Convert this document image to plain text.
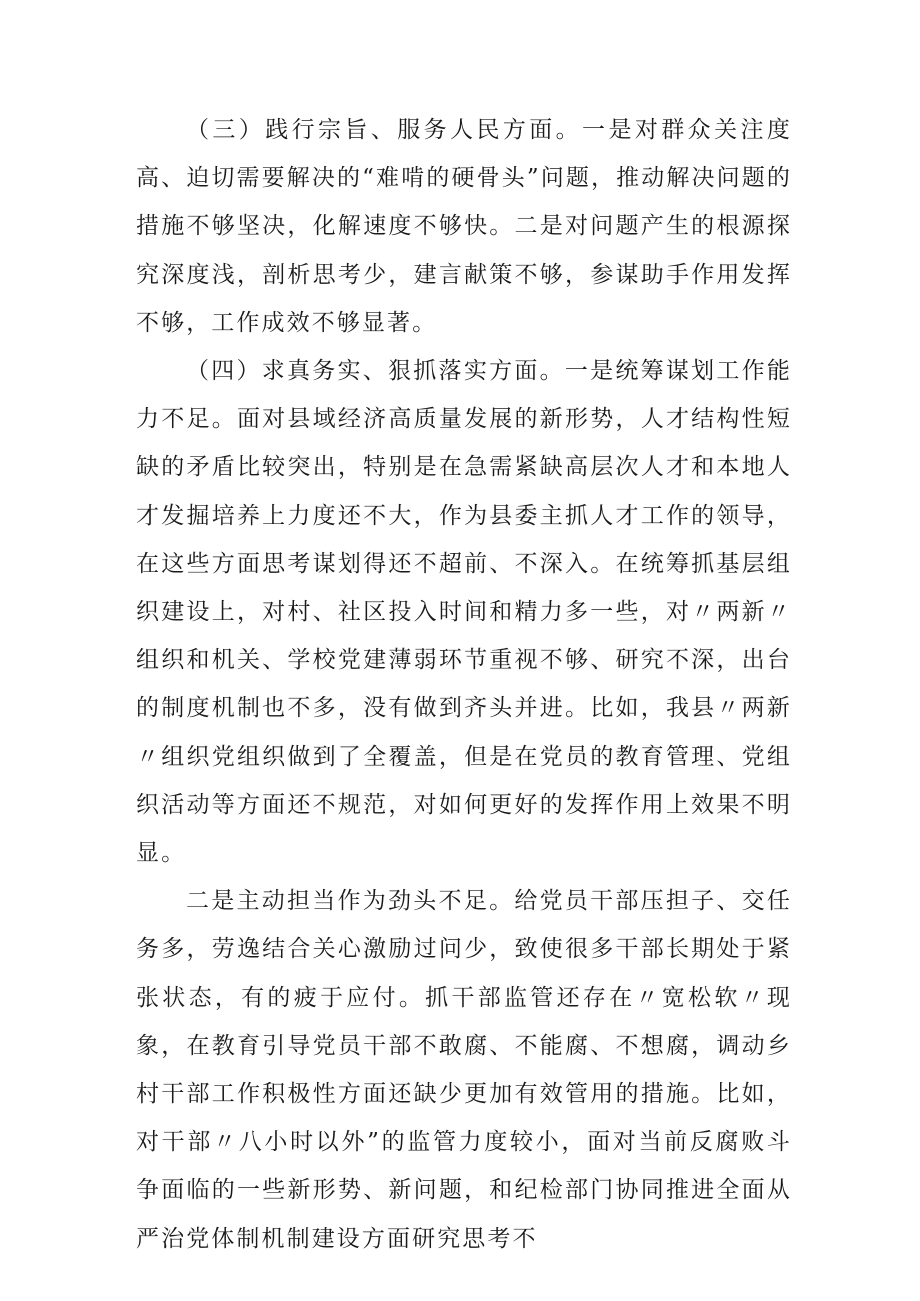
（三）践行宗旨、服务人民方面。一是对群众关注度高、迫切需要解决的“难啃的硬骨头”问题，推动解决问题的措施不够坚决，化解速度不够快。二是对问题产生的根源探究深度浅，剖析思考少，建言献策不够，参谋助手作用发挥不够，工作成效不够显著。

（四）求真务实、狠抓落实方面。一是统筹谋划工作能力不足。面对县域经济高质量发展的新形势，人才结构性短缺的矛盾比较突出，特别是在急需紧缺高层次人才和本地人才发掘培养上力度还不大，作为县委主抓人才工作的领导，在这些方面思考谋划得还不超前、不深入。在统筹抓基层组织建设上，对村、社区投入时间和精力多一些，对〃两新〃组织和机关、学校党建薄弱环节重视不够、研究不深，出台的制度机制也不多，没有做到齐头并进。比如，我县〃两新〃组织党组织做到了全覆盖，但是在党员的教育管理、党组织活动等方面还不规范，对如何更好的发挥作用上效果不明显。

二是主动担当作为劲头不足。给党员干部压担子、交任务多，劳逸结合关心激励过问少，致使很多干部长期处于紧张状态，有的疲于应付。抓干部监管还存在〃宽松软〃现象，在教育引导党员干部不敢腐、不能腐、不想腐，调动乡村干部工作积极性方面还缺少更加有效管用的措施。比如，对干部〃八小时以外”的监管力度较小，面对当前反腐败斗争面临的一些新形势、新问题，和纪检部门协同推进全面从严治党体制机制建设方面研究思考不
